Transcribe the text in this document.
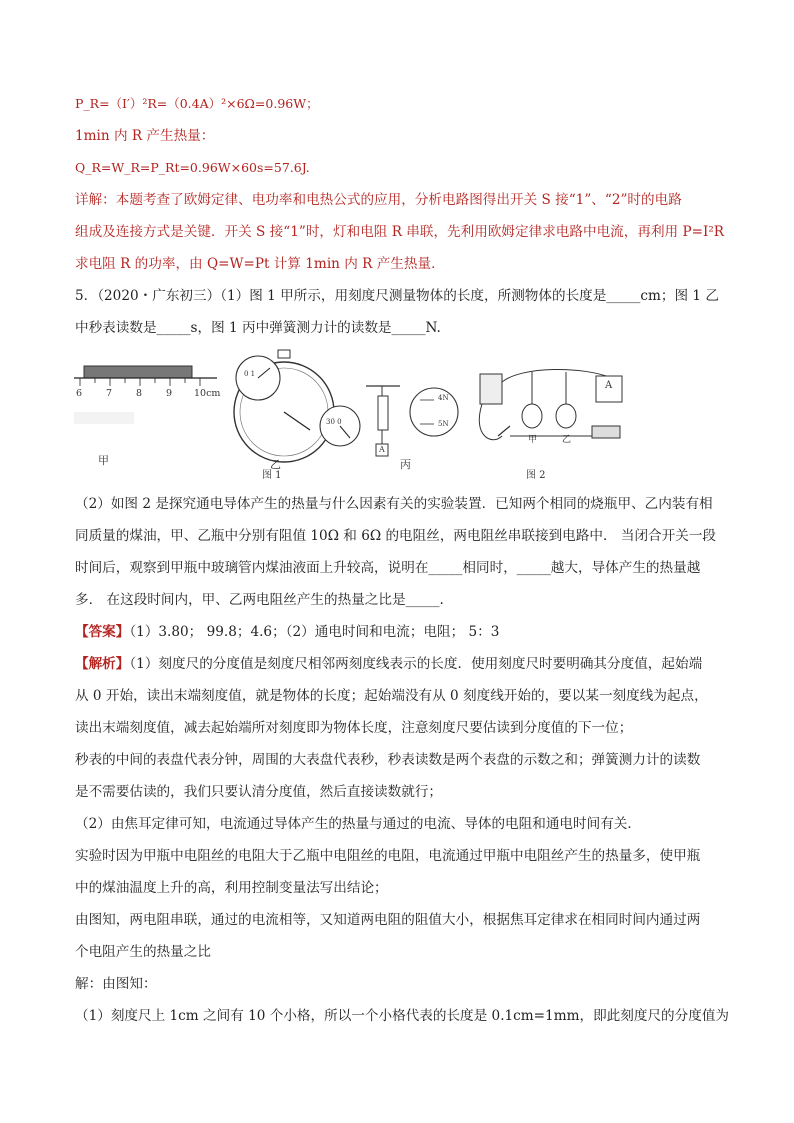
P_R=（I′）²R=（0.4A）²×6Ω=0.96W；
1min 内 R 产生热量：
Q_R=W_R=P_Rt=0.96W×60s=57.6J.
详解：本题考查了欧姆定律、电功率和电热公式的应用，分析电路图得出开关 S 接“1”、“2”时的电路
组成及连接方式是关键．开关 S 接“1”时，灯和电阻 R 串联，先利用欧姆定律求电路中电流，再利用 P=I²R
求电阻 R 的功率，由 Q=W=Pt 计算 1min 内 R 产生热量．
5．（2020・广东初三）（1）图 1 甲所示，用刻度尺测量物体的长度，所测物体的长度是_____cm；图 1 乙
中秒表读数是_____s，图 1 丙中弹簧测力计的读数是_____N.
6	7	8	9 10cm
甲
0 1
30 0
乙
图 1
4N
5N
A
丙
甲	乙
A
图 2
（2）如图 2 是探究通电导体产生的热量与什么因素有关的实验装置．已知两个相同的烧瓶甲、乙内装有相
同质量的煤油，甲、乙瓶中分别有阻值 10Ω 和 6Ω 的电阻丝，两电阻丝串联接到电路中． 当闭合开关一段
时间后，观察到甲瓶中玻璃管内煤油液面上升较高，说明在_____相同时，_____越大，导体产生的热量越
多． 在这段时间内，甲、乙两电阻丝产生的热量之比是_____.
【答案】（1）3.80； 99.8；4.6；（2）通电时间和电流；电阻； 5：3
【解析】（1）刻度尺的分度值是刻度尺相邻两刻度线表示的长度．使用刻度尺时要明确其分度值，起始端
从 0 开始，读出末端刻度值，就是物体的长度；起始端没有从 0 刻度线开始的，要以某一刻度线为起点，
读出末端刻度值，减去起始端所对刻度即为物体长度，注意刻度尺要估读到分度值的下一位；
秒表的中间的表盘代表分钟，周围的大表盘代表秒，秒表读数是两个表盘的示数之和；弹簧测力计的读数
是不需要估读的，我们只要认清分度值，然后直接读数就行；
（2）由焦耳定律可知，电流通过导体产生的热量与通过的电流、导体的电阻和通电时间有关．
实验时因为甲瓶中电阻丝的电阻大于乙瓶中电阻丝的电阻，电流通过甲瓶中电阻丝产生的热量多，使甲瓶
中的煤油温度上升的高，利用控制变量法写出结论；
由图知，两电阻串联，通过的电流相等，又知道两电阻的阻值大小，根据焦耳定律求在相同时间内通过两
个电阻产生的热量之比
解：由图知：
（1）刻度尺上 1cm 之间有 10 个小格，所以一个小格代表的长度是 0.1cm=1mm，即此刻度尺的分度值为
